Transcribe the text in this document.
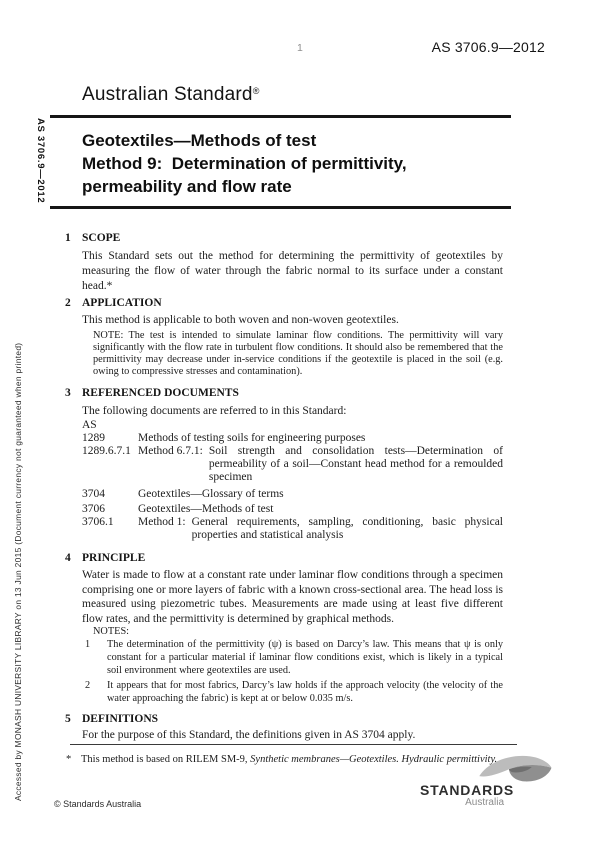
1	AS 3706.9—2012
AS 3706.9—2012
Accessed by MONASH UNIVERSITY LIBRARY on 13 Jun 2015 (Document currency not guaranteed when printed)
Australian Standard®
Geotextiles—Methods of test
Method 9:  Determination of permittivity, permeability and flow rate
1 SCOPE

This Standard sets out the method for determining the permittivity of geotextiles by measuring the flow of water through the fabric normal to its surface under a constant head.*

2 APPLICATION

This method is applicable to both woven and non-woven geotextiles.

NOTE: The test is intended to simulate laminar flow conditions. The permittivity will vary significantly with the flow rate in turbulent flow conditions. It should also be remembered that the permittivity may decrease under in-service conditions if the geotextile is placed in the soil (e.g. owing to compressive stresses and contamination).

3 REFERENCED DOCUMENTS

The following documents are referred to in this Standard:

AS
1289	Methods of testing soils for engineering purposes
1289.6.7.1 Method 6.7.1: Soil strength and consolidation tests—Determination of permeability of a soil—Constant head method for a remoulded specimen
3704	Geotextiles—Glossary of terms
3706	Geotextiles—Methods of test
3706.1	Method 1: General requirements, sampling, conditioning, basic physical properties and statistical analysis
4 PRINCIPLE

Water is made to flow at a constant rate under laminar flow conditions through a specimen comprising one or more layers of fabric with a known cross-sectional area. The head loss is measured using piezometric tubes. Measurements are made using at least five different flow rates, and the permittivity is determined by graphical methods.

NOTES:
1	The determination of the permittivity (ψ) is based on Darcy’s law. This means that ψ is only constant for a particular material if laminar flow conditions exist, which is likely in a typical soil environment where geotextiles are used.
2	It appears that for most fabrics, Darcy’s law holds if the approach velocity (the velocity of the water approaching the fabric) is kept at or below 0.035 m/s.
5 DEFINITIONS

For the purpose of this Standard, the definitions given in AS 3704 apply.

* This method is based on RILEM SM-9, Synthetic membranes—Geotextiles. Hydraulic permittivity.

© Standards Australia
STANDARDS
Australia
